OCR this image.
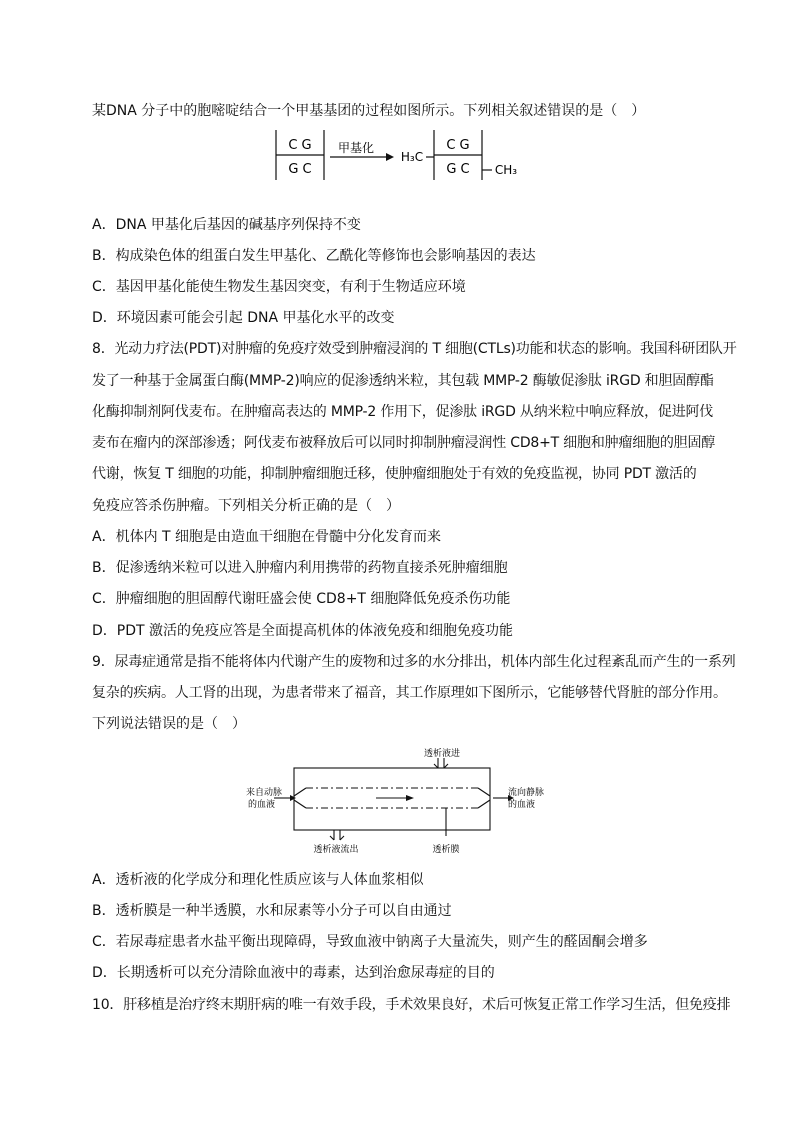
某DNA 分子中的胞嘧啶结合一个甲基基团的过程如图所示。下列相关叙述错误的是（　）
C G
G C
甲基化
H₃C
C G
G C CH₃
A．DNA 甲基化后基因的碱基序列保持不变
B．构成染色体的组蛋白发生甲基化、乙酰化等修饰也会影响基因的表达
C．基因甲基化能使生物发生基因突变，有利于生物适应环境
D．环境因素可能会引起 DNA 甲基化水平的改变
8．光动力疗法(PDT)对肿瘤的免疫疗效受到肿瘤浸润的 T 细胞(CTLs)功能和状态的影响。我国科研团队开
发了一种基于金属蛋白酶(MMP-2)响应的促渗透纳米粒，其包载 MMP-2 酶敏促渗肽 iRGD 和胆固醇酯
化酶抑制剂阿伐麦布。在肿瘤高表达的 MMP-2 作用下，促渗肽 iRGD 从纳米粒中响应释放，促进阿伐
麦布在瘤内的深部渗透；阿伐麦布被释放后可以同时抑制肿瘤浸润性 CD8+T 细胞和肿瘤细胞的胆固醇
代谢，恢复 T 细胞的功能，抑制肿瘤细胞迁移，使肿瘤细胞处于有效的免疫监视，协同 PDT 激活的
免疫应答杀伤肿瘤。下列相关分析正确的是（　）
A．机体内 T 细胞是由造血干细胞在骨髓中分化发育而来
B．促渗透纳米粒可以进入肿瘤内利用携带的药物直接杀死肿瘤细胞
C．肿瘤细胞的胆固醇代谢旺盛会使 CD8+T 细胞降低免疫杀伤功能
D．PDT 激活的免疫应答是全面提高机体的体液免疫和细胞免疫功能
9．尿毒症通常是指不能将体内代谢产生的废物和过多的水分排出，机体内部生化过程紊乱而产生的一系列
复杂的疾病。人工肾的出现，为患者带来了福音，其工作原理如下图所示，它能够替代肾脏的部分作用。
下列说法错误的是（　）
透析液进
来自动脉
的血液
流向静脉
的血液
透析液流出	透析膜
A．透析液的化学成分和理化性质应该与人体血浆相似
B．透析膜是一种半透膜，水和尿素等小分子可以自由通过
C．若尿毒症患者水盐平衡出现障碍，导致血液中钠离子大量流失，则产生的醛固酮会增多
D．长期透析可以充分清除血液中的毒素，达到治愈尿毒症的目的
10．肝移植是治疗终末期肝病的唯一有效手段，手术效果良好，术后可恢复正常工作学习生活，但免疫排
